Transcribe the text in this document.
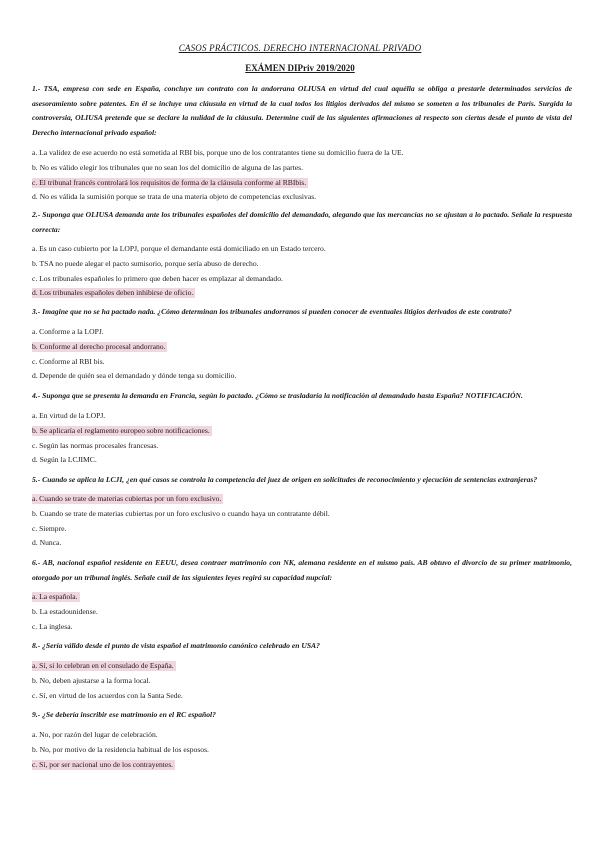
CASOS PRÁCTICOS. DERECHO INTERNACIONAL PRIVADO
EXÁMEN DIPriv 2019/2020

1.- TSA, empresa con sede en España, concluye un contrato con la andorrana OLIUSA en virtud del cual aquélla se obliga a prestarle determinados servicios de asesoramiento sobre patentes. En él se incluye una cláusula en virtud de la cual todos los litigios derivados del mismo se someten a los tribunales de París. Surgida la controversia, OLIUSA pretende que se declare la nulidad de la cláusula. Determine cuál de las siguientes afirmaciones al respecto son ciertas desde el punto de vista del Derecho internacional privado español:

a. La validez de ese acuerdo no está sometida al RBI bis, porque uno de los contratantes tiene su domicilio fuera de la UE.
b. No es válido elegir los tribunales que no sean los del domicilio de alguna de las partes.
c. El tribunal francés controlará los requisitos de forma de la cláusula conforme al RBIbis.
d. No es válida la sumisión porque se trata de una materia objeto de competencias exclusivas.

2.- Suponga que OLIUSA demanda ante los tribunales españoles del domicilio del demandado, alegando que las mercancías no se ajustan a lo pactado. Señale la respuesta correcta:

a. Es un caso cubierto por la LOPJ, porque el demandante está domiciliado en un Estado tercero.
b. TSA no puede alegar el pacto sumisorio, porque sería abuso de derecho.
c. Los tribunales españoles lo primero que deben hacer es emplazar al demandado.
d. Los tribunales españoles deben inhibirse de oficio.

3.- Imagine que no se ha pactado nada. ¿Cómo determinan los tribunales andorranos si pueden conocer de eventuales litigios derivados de este contrato?

a. Conforme a la LOPJ.
b. Conforme al derecho procesal andorrano.
c. Conforme al RBI bis.
d. Depende de quién sea el demandado y dónde tenga su domicilio.

4.- Suponga que se presenta la demanda en Francia, según lo pactado. ¿Cómo se trasladaría la notificación al demandado hasta España? NOTIFICACIÓN.

a. En virtud de la LOPJ.
b. Se aplicaría el reglamento europeo sobre notificaciones.
c. Según las normas procesales francesas.
d. Según la LCJIMC.

5.- Cuando se aplica la LCJI, ¿en qué casos se controla la competencia del juez de origen en solicitudes de reconocimiento y ejecución de sentencias extranjeras?

a. Cuando se trate de materias cubiertas por un foro exclusivo.
b. Cuando se trate de materias cubiertas por un foro exclusivo o cuando haya un contratante débil.
c. Siempre.
d. Nunca.

6.- AB, nacional español residente en EEUU, desea contraer matrimonio con NK, alemana residente en el mismo país. AB obtuvo el divorcio de su primer matrimonio, otorgado por un tribunal inglés. Señale cuál de las siguientes leyes regirá su capacidad nupcial:

a. La española.
b. La estadounidense.
c. La inglesa.

8.- ¿Sería válido desde el punto de vista español el matrimonio canónico celebrado en USA?

a. Sí, si lo celebran en el consulado de España.
b. No, deben ajustarse a la forma local.
c. Sí, en virtud de los acuerdos con la Santa Sede.

9.- ¿Se debería inscribir ese matrimonio en el RC español?

a. No, por razón del lugar de celebración.
b. No, por motivo de la residencia habitual de los esposos.
c. Sí, por ser nacional uno de los contrayentes.
